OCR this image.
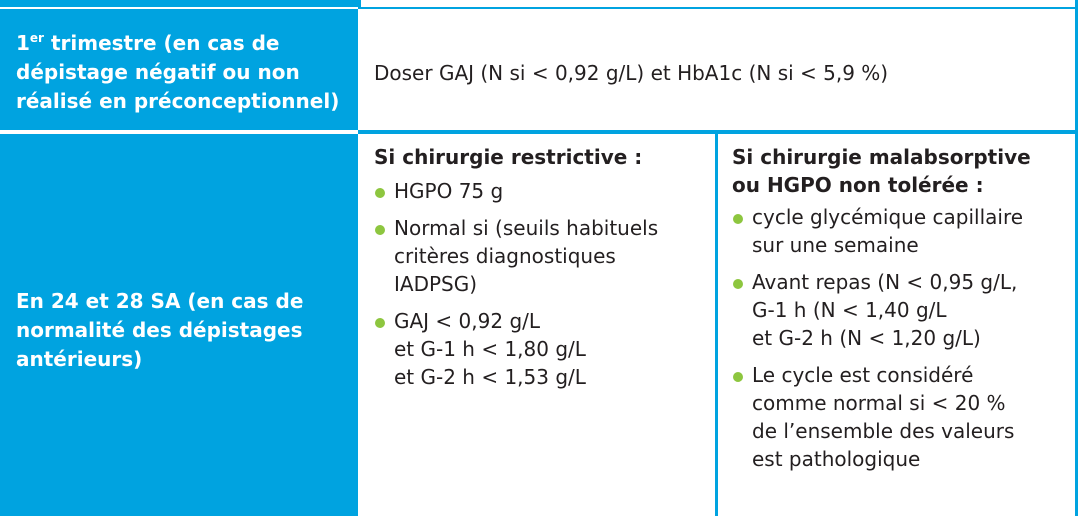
1er trimestre (en cas de
dépistage négatif ou non
réalisé en préconceptionnel)
Doser GAJ (N si < 0,92 g/L) et HbA1c (N si < 5,9 %)
En 24 et 28 SA (en cas de
normalité des dépistages
antérieurs)
Si chirurgie restrictive :
HGPO 75 g
Normal si (seuils habituels
critères diagnostiques
IADPSG)
GAJ < 0,92 g/L
et G-1 h < 1,80 g/L
et G-2 h < 1,53 g/L
Si chirurgie malabsorptive
ou HGPO non tolérée :
cycle glycémique capillaire
sur une semaine
Avant repas (N < 0,95 g/L,
G-1 h (N < 1,40 g/L
et G-2 h (N < 1,20 g/L)
Le cycle est considéré
comme normal si < 20 %
de l’ensemble des valeurs
est pathologique
